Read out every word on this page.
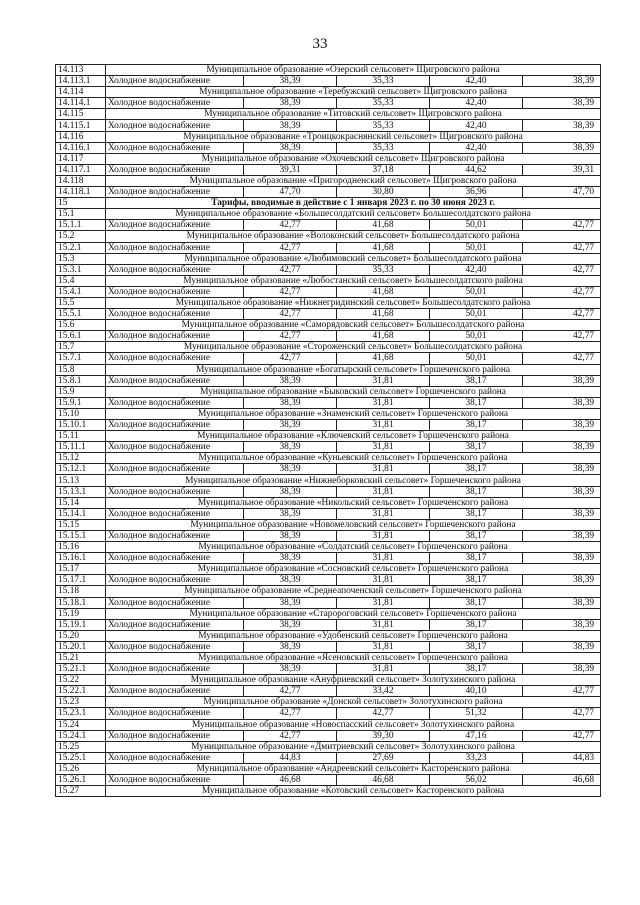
33
14.113	Муниципальное образование «Озерский сельсовет» Щигровского района				
14.113.1	Холодное водоснабжение	38,39	35,33	42,40	38,39
14.114	Муниципальное образование «Теребужский сельсовет» Щигровского района				
14.114.1	Холодное водоснабжение	38,39	35,33	42,40	38,39
14.115	Муниципальное образование «Титовский сельсовет» Щигровского района				
14.115.1	Холодное водоснабжение	38,39	35,33	42,40	38,39
14.116	Муниципальное образование «Троицкокраснянский сельсовет» Щигровского района				
14.116.1	Холодное водоснабжение	38,39	35,33	42,40	38,39
14.117	Муниципальное образование «Охочевский сельсовет» Щигровского района				
14.117.1	Холодное водоснабжение	39,31	37,18	44,62	39,31
14.118	Муниципальное образование «Пригородненский сельсовет» Щигровского района				
14.118.1	Холодное водоснабжение	47,70	30,80	36,96	47,70
15	Тарифы, вводимые в действие с 1 января 2023 г. по 30 июня 2023 г.				
15.1	Муниципальное образование «Большесолдатский сельсовет» Большесолдатского района				
15.1.1	Холодное водоснабжение	42,77	41,68	50,01	42,77
15.2	Муниципальное образование «Волоконский сельсовет» Большесолдатского района				
15.2.1	Холодное водоснабжение	42,77	41,68	50,01	42,77
15.3	Муниципальное образование «Любимовский сельсовет» Большесолдатского района				
15.3.1	Холодное водоснабжение	42,77	35,33	42,40	42,77
15.4	Муниципальное образование «Любостанский сельсовет» Большесолдатского района				
15.4.1	Холодное водоснабжение	42,77	41,68	50,01	42,77
15.5	Муниципальное образование «Нижнегридинский сельсовет» Большесолдатского района				
15.5.1	Холодное водоснабжение	42,77	41,68	50,01	42,77
15.6	Муниципальное образование «Саморядовский сельсовет» Большесолдатского района				
15.6.1	Холодное водоснабжение	42,77	41,68	50,01	42,77
15.7	Муниципальное образование «Стороженский сельсовет» Большесолдатского района				
15.7.1	Холодное водоснабжение	42,77	41,68	50,01	42,77
15.8	Муниципальное образование «Богатырский сельсовет» Горшеченского района				
15.8.1	Холодное водоснабжение	38,39	31,81	38,17	38,39
15.9	Муниципальное образование «Быковский сельсовет» Горшеченского района				
15.9.1	Холодное водоснабжение	38,39	31,81	38,17	38,39
15.10	Муниципальное образование «Знаменский сельсовет» Горшеченского района				
15.10.1	Холодное водоснабжение	38,39	31,81	38,17	38,39
15.11	Муниципальное образование «Ключевский сельсовет» Горшеченского района				
15.11.1	Холодное водоснабжение	38,39	31,81	38,17	38,39
15.12	Муниципальное образование «Куньевский сельсовет» Горшеченского района				
15.12.1	Холодное водоснабжение	38,39	31,81	38,17	38,39
15.13	Муниципальное образование «Нижнеборковский сельсовет» Горшеченского района				
15.13.1	Холодное водоснабжение	38,39	31,81	38,17	38,39
15.14	Муниципальное образование «Никольский сельсовет» Горшеченского района				
15.14.1	Холодное водоснабжение	38,39	31,81	38,17	38,39
15.15	Муниципальное образование «Новомеловский сельсовет» Горшеченского района				
15.15.1	Холодное водоснабжение	38,39	31,81	38,17	38,39
15.16	Муниципальное образование «Солдатский сельсовет» Горшеченского района				
15.16.1	Холодное водоснабжение	38,39	31,81	38,17	38,39
15.17	Муниципальное образование «Сосновский сельсовет» Горшеченского района				
15.17.1	Холодное водоснабжение	38,39	31,81	38,17	38,39
15.18	Муниципальное образование «Среднеапоченский сельсовет» Горшеченского района				
15.18.1	Холодное водоснабжение	38,39	31,81	38,17	38,39
15.19	Муниципальное образование «Старороговский сельсовет» Горшеченского района				
15.19.1	Холодное водоснабжение	38,39	31,81	38,17	38,39
15.20	Муниципальное образование «Удобенский сельсовет» Горшеченского района				
15.20.1	Холодное водоснабжение	38,39	31,81	38,17	38,39
15.21	Муниципальное образование «Ясеновский сельсовет» Горшеченского района				
15.21.1	Холодное водоснабжение	38,39	31,81	38,17	38,39
15.22	Муниципальное образование «Ануфриевский сельсовет» Золотухинского района				
15.22.1	Холодное водоснабжение	42,77	33,42	40,10	42,77
15.23	Муниципальное образование «Донской сельсовет» Золотухинского района				
15.23.1	Холодное водоснабжение	42,77	42,77	51,32	42,77
15.24	Муниципальное образование «Новоспасский сельсовет» Золотухинского района				
15.24.1	Холодное водоснабжение	42,77	39,30	47,16	42,77
15.25	Муниципальное образование «Дмитриевский сельсовет» Золотухинского района				
15.25.1	Холодное водоснабжение	44,83	27,69	33,23	44,83
15.26	Муниципальное образование «Андреевский сельсовет» Касторенского района				
15.26.1	Холодное водоснабжение	46,68	46,68	56,02	46,68
15.27	Муниципальное образование «Котовский сельсовет» Касторенского района				
